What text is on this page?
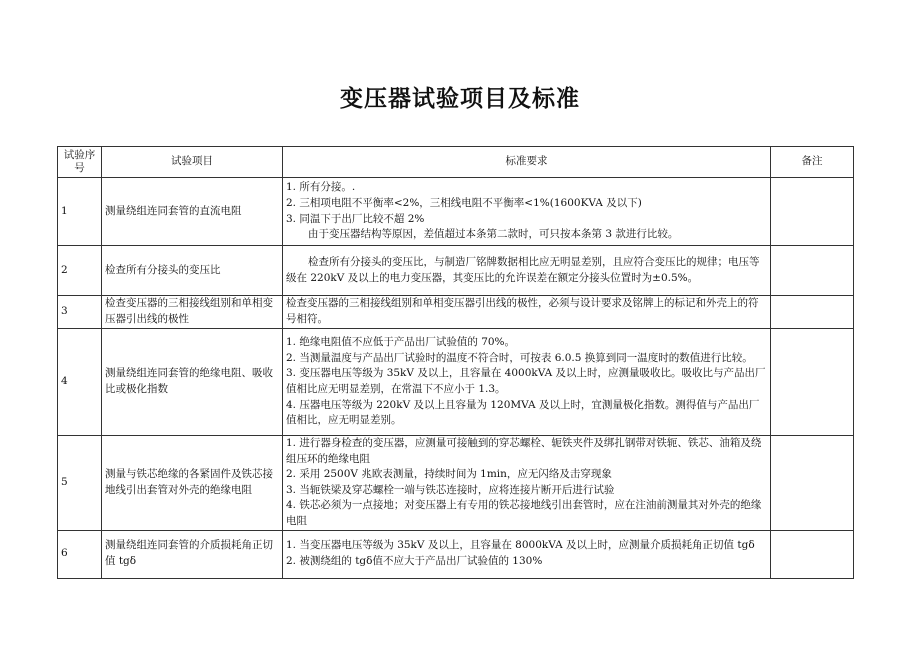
变压器试验项目及标准
试验序号	试验项目	标准要求	备注
1	测量绕组连同套管的直流电阻	1. 所有分接。.
2. 三相项电阻不平衡率<2%，三相线电阻不平衡率<1%(1600KVA 及以下)
3. 同温下于出厂比较不超 2%
由于变压器结构等原因，差值超过本条第二款时，可只按本条第 3 款进行比较。	

2	检查所有分接头的变压比	检查所有分接头的变压比，与制造厂铭牌数据相比应无明显差别，且应符合变压比的规律；电压等级在 220kV 及以上的电力变压器，其变压比的允许误差在额定分接头位置时为±0.5%。	

3	检查变压器的三相接线组别和单相变压器引出线的极性	检查变压器的三相接线组别和单相变压器引出线的极性，必须与设计要求及铭牌上的标记和外壳上的符号相符。	

4	测量绕组连同套管的绝缘电阻、吸收比或极化指数	1. 绝缘电阻值不应低于产品出厂试验值的 70%。
2. 当测量温度与产品出厂试验时的温度不符合时，可按表 6.0.5 换算到同一温度时的数值进行比较。
3. 变压器电压等级为 35kV 及以上，且容量在 4000kVA 及以上时，应测量吸收比。吸收比与产品出厂值相比应无明显差别，在常温下不应小于 1.3。
4. 压器电压等级为 220kV 及以上且容量为 120MVA 及以上时，宜测量极化指数。测得值与产品出厂值相比，应无明显差别。	

5	测量与铁芯绝缘的各紧固件及铁芯接地线引出套管对外壳的绝缘电阻	1. 进行器身检查的变压器，应测量可接触到的穿芯螺栓、轭铁夹件及绑扎钢带对铁轭、铁芯、油箱及绕组压环的绝缘电阻
2. 采用 2500V 兆欧表测量，持续时间为 1min，应无闪络及击穿现象
3. 当轭铁梁及穿芯螺栓一端与铁芯连接时，应将连接片断开后进行试验
4. 铁芯必须为一点接地；对变压器上有专用的铁芯接地线引出套管时，应在注油前测量其对外壳的绝缘电阻	

6	测量绕组连同套管的介质损耗角正切值 tgδ	1. 当变压器电压等级为 35kV 及以上，且容量在 8000kVA 及以上时，应测量介质损耗角正切值 tgδ
2. 被测绕组的 tgδ值不应大于产品出厂试验值的 130%	
